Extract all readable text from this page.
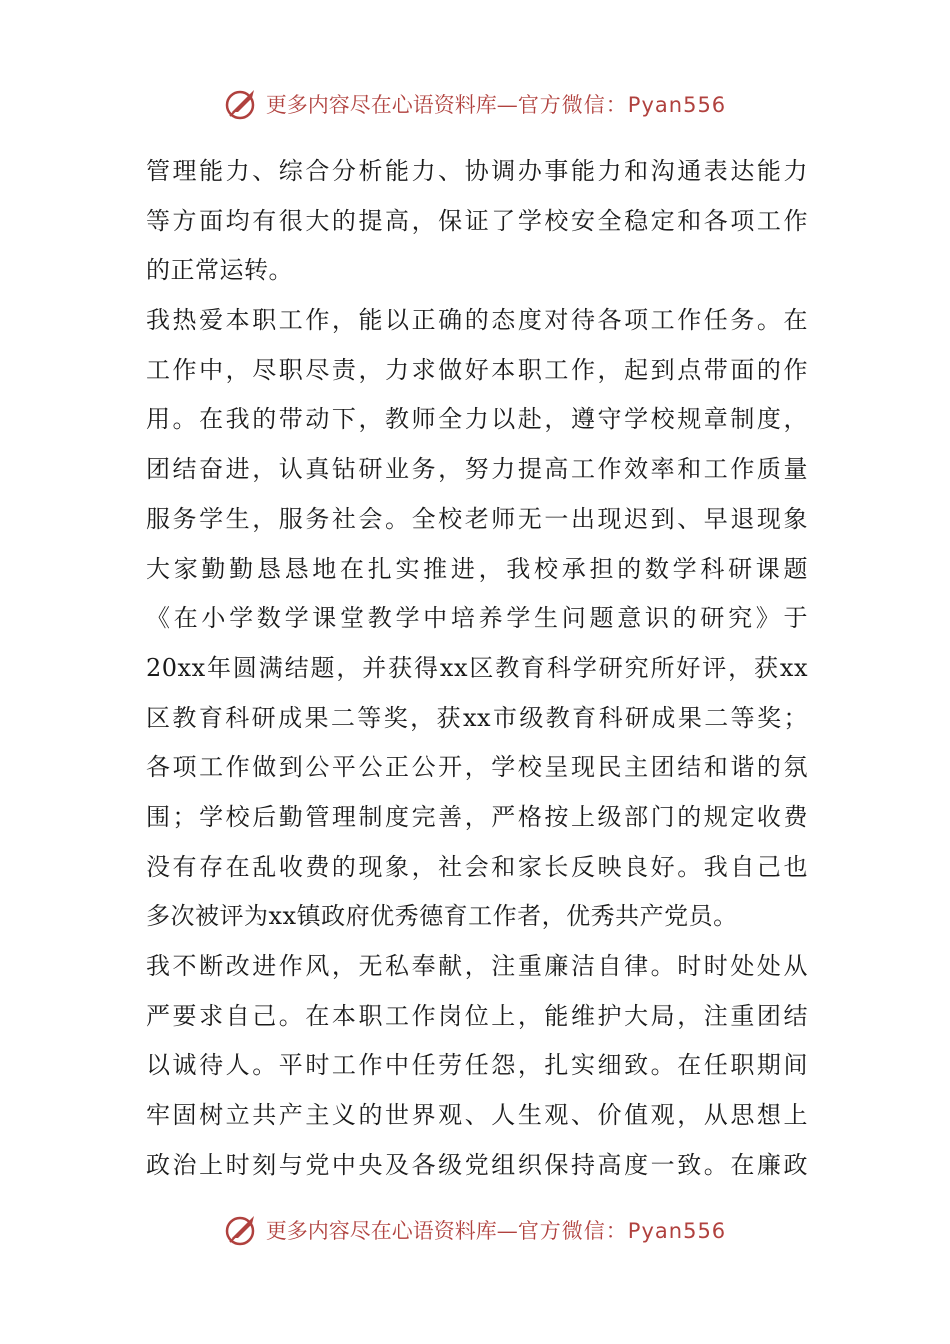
更多内容尽在心语资料库— 官方微信：Pyan556
管理能力、综合分析能力、协调办事能力和沟通表达能力
等方面均有很大的提高，保证了学校安全稳定和各项工作
的正常运转。
我热爱本职工作，能以正确的态度对待各项工作任务。在
工作中，尽职尽责，力求做好本职工作，起到点带面的作
用。在我的带动下，教师全力以赴，遵守学校规章制度，
团结奋进，认真钻研业务，努力提高工作效率和工作质量
服务学生，服务社会。全校老师无一出现迟到、早退现象
大家勤勤恳恳地在扎实推进，我校承担的数学科研课题
《在小学数学课堂教学中培养学生问题意识的研究》于
20xx年圆满结题，并获得xx区教育科学研究所好评，获xx
区教育科研成果二等奖，获xx市级教育科研成果二等奖；
各项工作做到公平公正公开，学校呈现民主团结和谐的氛
围；学校后勤管理制度完善，严格按上级部门的规定收费
没有存在乱收费的现象，社会和家长反映良好。我自己也
多次被评为xx镇政府优秀德育工作者，优秀共产党员。
我不断改进作风，无私奉献，注重廉洁自律。时时处处从
严要求自己。在本职工作岗位上，能维护大局，注重团结
以诚待人。平时工作中任劳任怨，扎实细致。在任职期间
牢固树立共产主义的世界观、人生观、价值观，从思想上
政治上时刻与党中央及各级党组织保持高度一致。在廉政
更多内容尽在心语资料库— 官方微信：Pyan556
